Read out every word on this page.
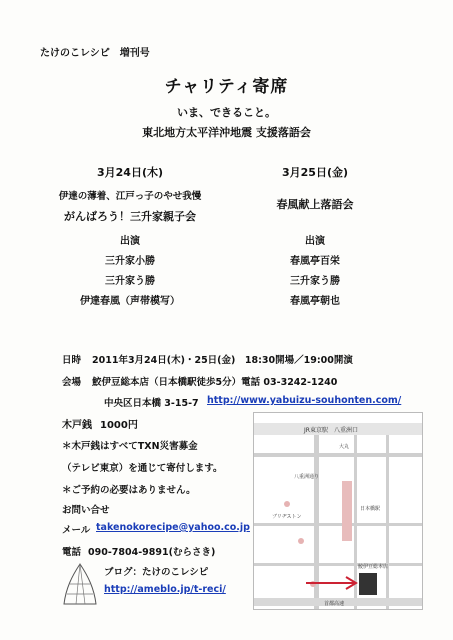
たけのこレシピ　増刊号
チャリティ寄席
いま、できること。
東北地方太平洋沖地震 支援落語会
3月24日(木)
伊達の薄着、江戸っ子のやせ我慢
がんばろう！三升家親子会
出演
三升家小勝
三升家う勝
伊達春風（声帯模写）
3月25日(金)
春風献上落語会
出演
春風亭百栄
三升家う勝
春風亭朝也
日時 2011年3月24日(木)・25日(金)　18:30開場／19:00開演
会場 鮫伊豆総本店（日本橋駅徒歩5分）電話 03-3242-1240
中央区日本橋 3-15-7 http://www.yabuizu-souhonten.com/
木戸銭 1000円
＊木戸銭はすべてTXN災害募金
（テレビ東京）を通じて寄付します。
＊ご予約の必要はありません。
お問い合せ
メール takenokorecipe@yahoo.co.jp
電話 090-7804-9891(むらさき)
ブログ：たけのこレシピ
http://ameblo.jp/t-reci/
JR東京駅　八重洲口
大丸
八重洲通り
ブリヂストン
日本橋駅
首都高速
鮫伊豆総本店
